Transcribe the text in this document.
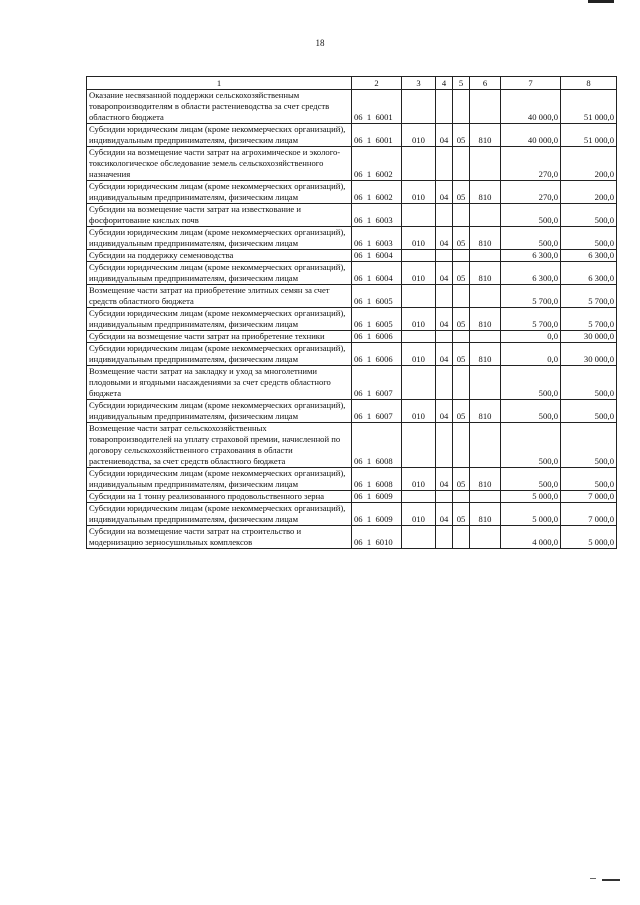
18
1	2	3	4	5	6	7	8
Оказание несвязанной поддержки сельскохозяйственным товаропроизводителям в области растениеводства за счет средств областного бюджета	06  1  6001					40 000,0	51 000,0
Субсидии юридическим лицам (кроме некоммерческих организаций), индивидуальным предпринимателям, физическим лицам	06  1  6001	010	04	05	810	40 000,0	51 000,0
Субсидии на возмещение части затрат на агрохимическое и эколого-токсикологическое обследование земель сельскохозяйственного назначения	06  1  6002					270,0	200,0
Субсидии юридическим лицам (кроме некоммерческих организаций), индивидуальным предпринимателям, физическим лицам	06  1  6002	010	04	05	810	270,0	200,0
Субсидии на возмещение части затрат на известкование и фосфоритование кислых почв	06  1  6003					500,0	500,0
Субсидии юридическим лицам (кроме некоммерческих организаций), индивидуальным предпринимателям, физическим лицам	06  1  6003	010	04	05	810	500,0	500,0
Субсидии на поддержку семеноводства	06  1  6004					6 300,0	6 300,0
Субсидии юридическим лицам (кроме некоммерческих организаций), индивидуальным предпринимателям, физическим лицам	06  1  6004	010	04	05	810	6 300,0	6 300,0
Возмещение части затрат на приобретение элитных семян за счет средств областного бюджета	06  1  6005					5 700,0	5 700,0
Субсидии юридическим лицам (кроме некоммерческих организаций), индивидуальным предпринимателям, физическим лицам	06  1  6005	010	04	05	810	5 700,0	5 700,0
Субсидии на возмещение части затрат на приобретение техники	06  1  6006					0,0	30 000,0
Субсидии юридическим лицам (кроме некоммерческих организаций), индивидуальным предпринимателям, физическим лицам	06  1  6006	010	04	05	810	0,0	30 000,0
Возмещение части затрат на закладку и уход за многолетними плодовыми и ягодными насаждениями за счет средств областного бюджета	06  1  6007					500,0	500,0
Субсидии юридическим лицам (кроме некоммерческих организаций), индивидуальным предпринимателям, физическим лицам	06  1  6007	010	04	05	810	500,0	500,0
Возмещение части затрат сельскохозяйственных товаропроизводителей на уплату страховой премии, начисленной по договору сельскохозяйственного страхования в области растениеводства, за счет средств областного бюджета	06  1  6008					500,0	500,0
Субсидии юридическим лицам (кроме некоммерческих организаций), индивидуальным предпринимателям, физическим лицам	06  1  6008	010	04	05	810	500,0	500,0
Субсидии на 1 тонну реализованного продовольственного зерна	06  1  6009					5 000,0	7 000,0
Субсидии юридическим лицам (кроме некоммерческих организаций), индивидуальным предпринимателям, физическим лицам	06  1  6009	010	04	05	810	5 000,0	7 000,0
Субсидии на возмещение части затрат на строительство и модернизацию зерносушильных комплексов	06  1  6010					4 000,0	5 000,0
